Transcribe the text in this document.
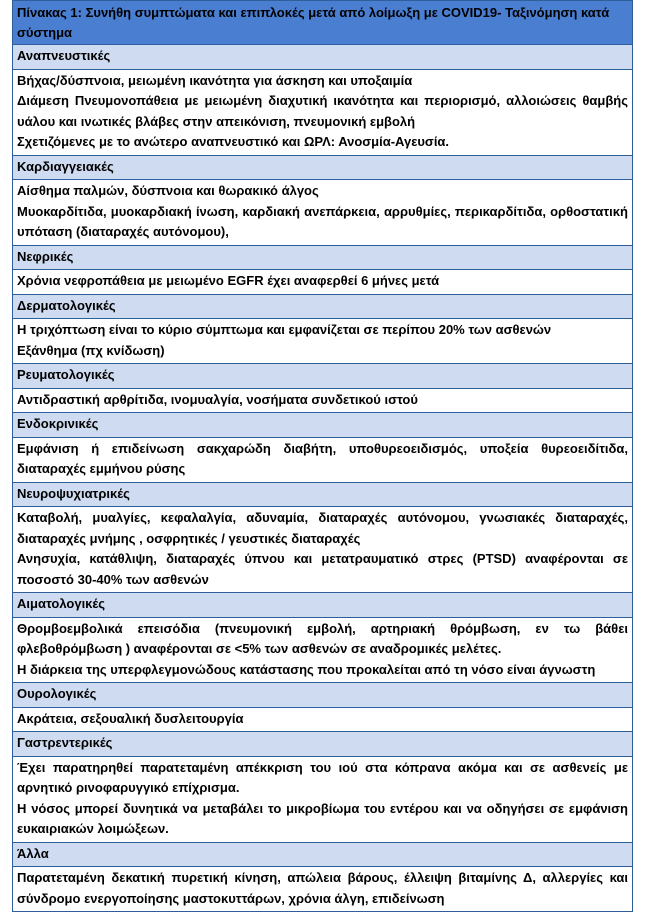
Πίνακας 1: Συνήθη συμπτώματα και επιπλοκές μετά από λοίμωξη με COVID19- Ταξινόμηση κατά σύστημα
Αναπνευστικές

Βήχας/δύσπνοια, μειωμένη ικανότητα για άσκηση και υποξαιμία

Διάμεση Πνευμονοπάθεια με μειωμένη διαχυτική ικανότητα και περιορισμό, αλλοιώσεις θαμβής υάλου και ινωτικές βλάβες στην απεικόνιση, πνευμονική εμβολή

Σχετιζόμενες με το ανώτερο αναπνευστικό και ΩΡΛ: Ανοσμία-Αγευσία.

Καρδιαγγειακές

Αίσθημα παλμών, δύσπνοια και θωρακικό άλγος

Μυοκαρδίτιδα, μυοκαρδιακή ίνωση, καρδιακή ανεπάρκεια, αρρυθμίες, περικαρδίτιδα, ορθοστατική υπόταση (διαταραχές αυτόνομου),

Νεφρικές

Χρόνια νεφροπάθεια με μειωμένο EGFR έχει αναφερθεί 6 μήνες μετά

Δερματολογικές

Η τριχόπτωση είναι το κύριο σύμπτωμα και εμφανίζεται σε περίπου 20% των ασθενών

Εξάνθημα (πχ κνίδωση)

Ρευματολογικές

Αντιδραστική αρθρίτιδα, ινομυαλγία, νοσήματα συνδετικού ιστού

Ενδοκρινικές

Εμφάνιση ή επιδείνωση σακχαρώδη διαβήτη, υποθυρεοειδισμός, υποξεία θυρεοειδίτιδα, διαταραχές εμμήνου ρύσης

Νευροψυχιατρικές

Καταβολή, μυαλγίες, κεφαλαλγία, αδυναμία, διαταραχές αυτόνομου, γνωσιακές διαταραχές, διαταραχές μνήμης , οσφρητικές / γευστικές διαταραχές

Ανησυχία, κατάθλιψη, διαταραχές ύπνου και μετατραυματικό στρες (PTSD) αναφέρονται σε ποσοστό 30-40% των ασθενών

Αιματολογικές

Θρομβοεμβολικά επεισόδια (πνευμονική εμβολή, αρτηριακή θρόμβωση, εν τω βάθει φλεβοθρόμβωση ) αναφέρονται σε <5% των ασθενών σε αναδρομικές μελέτες.

Η διάρκεια της υπερφλεγμονώδους κατάστασης που προκαλείται από τη νόσο είναι άγνωστη

Ουρολογικές

Ακράτεια, σεξουαλική δυσλειτουργία

Γαστρεντερικές

Έχει παρατηρηθεί παρατεταμένη απέκκριση του ιού στα κόπρανα ακόμα και σε ασθενείς με αρνητικό ρινοφαρυγγικό επίχρισμα.

Η νόσος μπορεί δυνητικά να μεταβάλει το μικροβίωμα του εντέρου και να οδηγήσει σε εμφάνιση ευκαιριακών λοιμώξεων.

Άλλα

Παρατεταμένη δεκατική πυρετική κίνηση, απώλεια βάρους, έλλειψη βιταμίνης Δ, αλλεργίες και σύνδρομο ενεργοποίησης μαστοκυττάρων, χρόνια άλγη, επιδείνωση
